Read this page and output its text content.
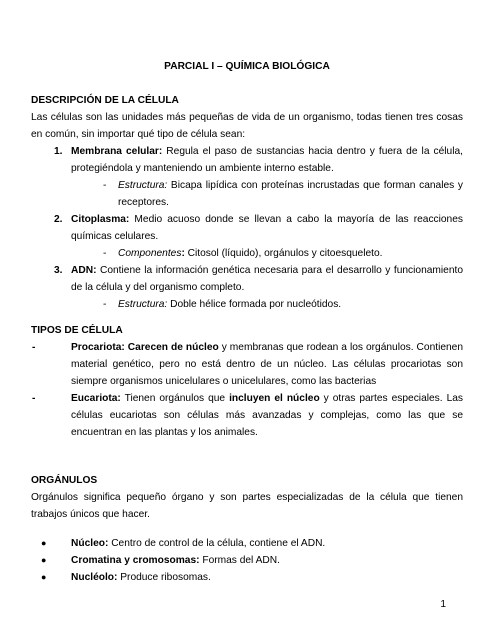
PARCIAL I – QUÍMICA BIOLÓGICA
DESCRIPCIÓN DE LA CÉLULA
Las células son las unidades más pequeñas de vida de un organismo, todas tienen tres cosas en común, sin importar qué tipo de célula sean:
1. Membrana celular: Regula el paso de sustancias hacia dentro y fuera de la célula, protegiéndola y manteniendo un ambiente interno estable.
- Estructura: Bicapa lipídica con proteínas incrustadas que forman canales y receptores.
2. Citoplasma: Medio acuoso donde se llevan a cabo la mayoría de las reacciones químicas celulares.
- Componentes: Citosol (líquido), orgánulos y citoesqueleto.
3. ADN: Contiene la información genética necesaria para el desarrollo y funcionamiento de la célula y del organismo completo.
- Estructura: Doble hélice formada por nucleótidos.
TIPOS DE CÉLULA
-	Procariota: Carecen de núcleo y membranas que rodean a los orgánulos. Contienen material genético, pero no está dentro de un núcleo. Las células procariotas son siempre organismos unicelulares o unicelulares, como las bacterias
-	Eucariota: Tienen orgánulos que incluyen el núcleo y otras partes especiales. Las células eucariotas son células más avanzadas y complejas, como las que se encuentran en las plantas y los animales.
ORGÁNULOS
Orgánulos significa pequeño órgano y son partes especializadas de la célula que tienen trabajos únicos que hacer.
● Núcleo: Centro de control de la célula, contiene el ADN.
● Cromatina y cromosomas: Formas del ADN.
● Nucléolo: Produce ribosomas.
1
